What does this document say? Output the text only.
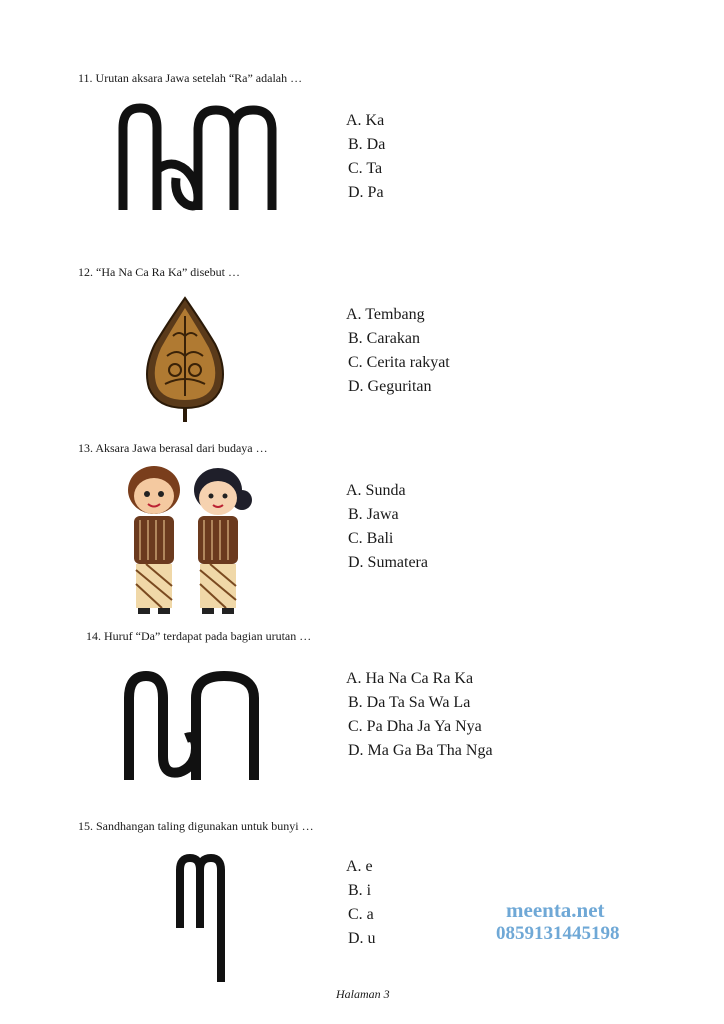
11. Urutan aksara Jawa setelah “Ra” adalah …
A. Ka
B. Da
C. Ta
D. Pa
12. “Ha Na Ca Ra Ka” disebut …
A. Tembang
B. Carakan
C. Cerita rakyat
D. Geguritan
13. Aksara Jawa berasal dari budaya …
A. Sunda
B. Jawa
C. Bali
D. Sumatera
14. Huruf “Da” terdapat pada bagian urutan …
A. Ha Na Ca Ra Ka
B. Da Ta Sa Wa La
C. Pa Dha Ja Ya Nya
D. Ma Ga Ba Tha Nga
15. Sandhangan taling digunakan untuk bunyi …
A. e
B. i
C. a
D. u
meenta.net
0859131445198
Halaman 3
